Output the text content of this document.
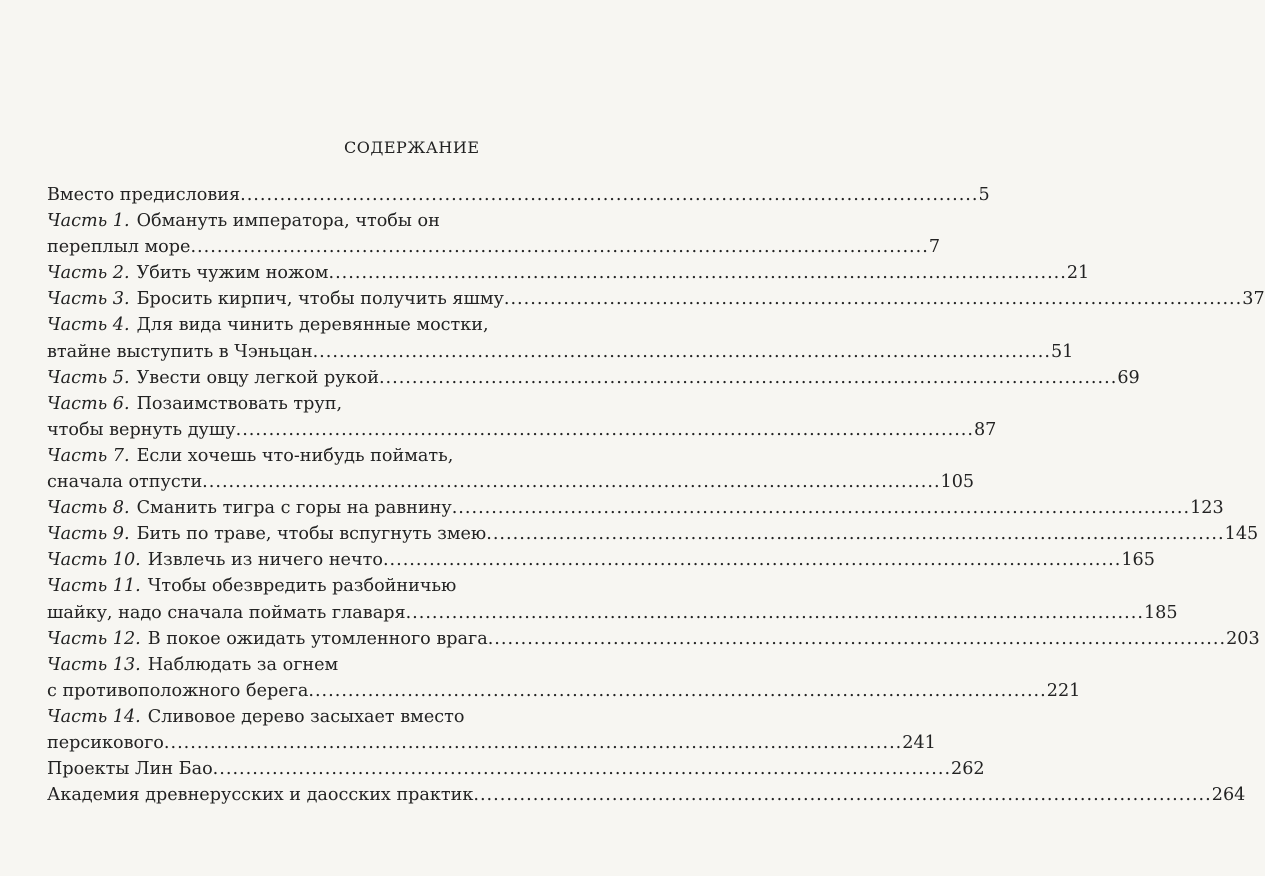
содержание
Вместо предисловия .....	5
Часть 1. Обмануть императора, чтобы он
переплыл море .....	7
Часть 2. Убить чужим ножом .....	21
Часть 3. Бросить кирпич, чтобы получить яшму .....	37
Часть 4. Для вида чинить деревянные мостки,
втайне выступить в Чэньцан .....	51
Часть 5. Увести овцу легкой рукой .....	69
Часть 6. Позаимствовать труп,
чтобы вернуть душу .....	87
Часть 7. Если хочешь что-нибудь поймать,
сначала отпусти .....	105
Часть 8. Сманить тигра с горы на равнину .....	123
Часть 9. Бить по траве, чтобы вспугнуть змею .....	145
Часть 10. Извлечь из ничего нечто .....	165
Часть 11. Чтобы обезвредить разбойничью
шайку, надо сначала поймать главаря .....	185
Часть 12. В покое ожидать утомленного врага .....	203
Часть 13. Наблюдать за огнем
с противоположного берега .....	221
Часть 14. Сливовое дерево засыхает вместо
персикового .....	241
Проекты Лин Бао .....	262
Академия древнерусских и даосских практик .....	264
